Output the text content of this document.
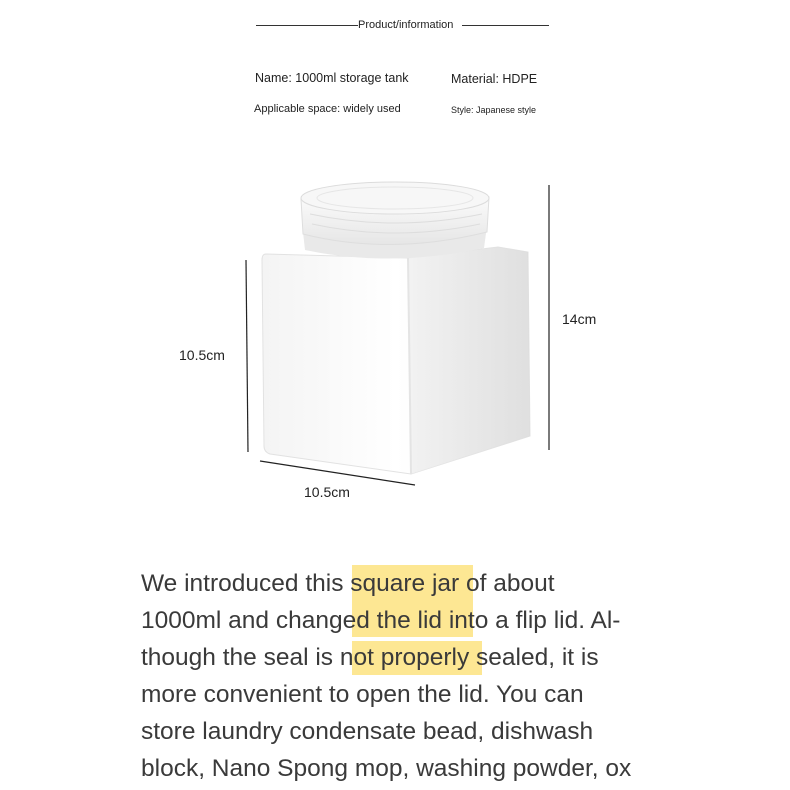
Product/information
Name: 1000ml storage tank	Material: HDPE
Applicable space: widely used	Style: Japanese style
14cm
10.5cm
10.5cm

We introduced this square jar of about
1000ml and changed the lid into a flip lid. Al-
though the seal is not properly sealed, it is
more convenient to open the lid. You can
store laundry condensate bead, dishwash
block, Nano Spong mop, washing powder, ox
